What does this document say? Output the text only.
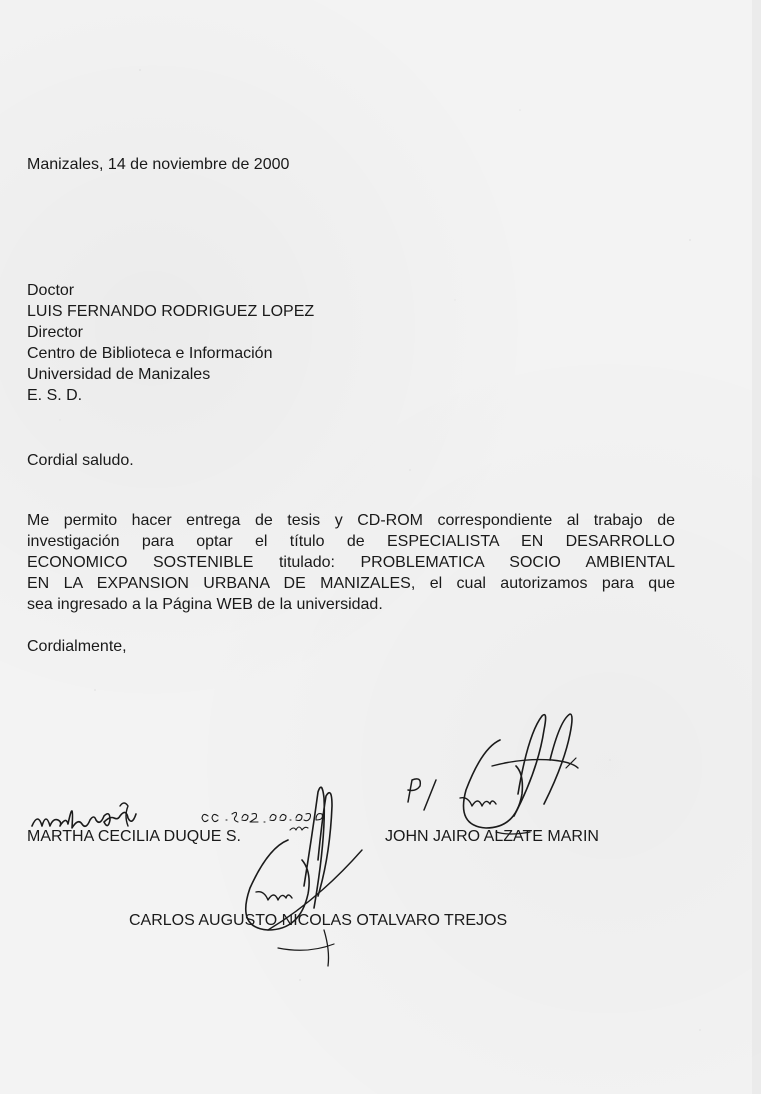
Manizales, 14 de noviembre de 2000
Doctor
LUIS FERNANDO RODRIGUEZ LOPEZ
Director
Centro de Biblioteca e Información
Universidad de Manizales
E. S. D.
Cordial saludo.
Me permito hacer entrega de tesis y CD-ROM correspondiente al trabajo de
investigación para optar el título de ESPECIALISTA EN DESARROLLO
ECONOMICO SOSTENIBLE titulado: PROBLEMATICA SOCIO AMBIENTAL
EN LA EXPANSION URBANA DE MANIZALES, el cual autorizamos para que
sea ingresado a la Página WEB de la universidad.
Cordialmente,
MARTHA CECILIA DUQUE S.	JOHN JAIRO ALZATE MARIN
CARLOS AUGUSTO NICOLAS OTALVARO TREJOS
